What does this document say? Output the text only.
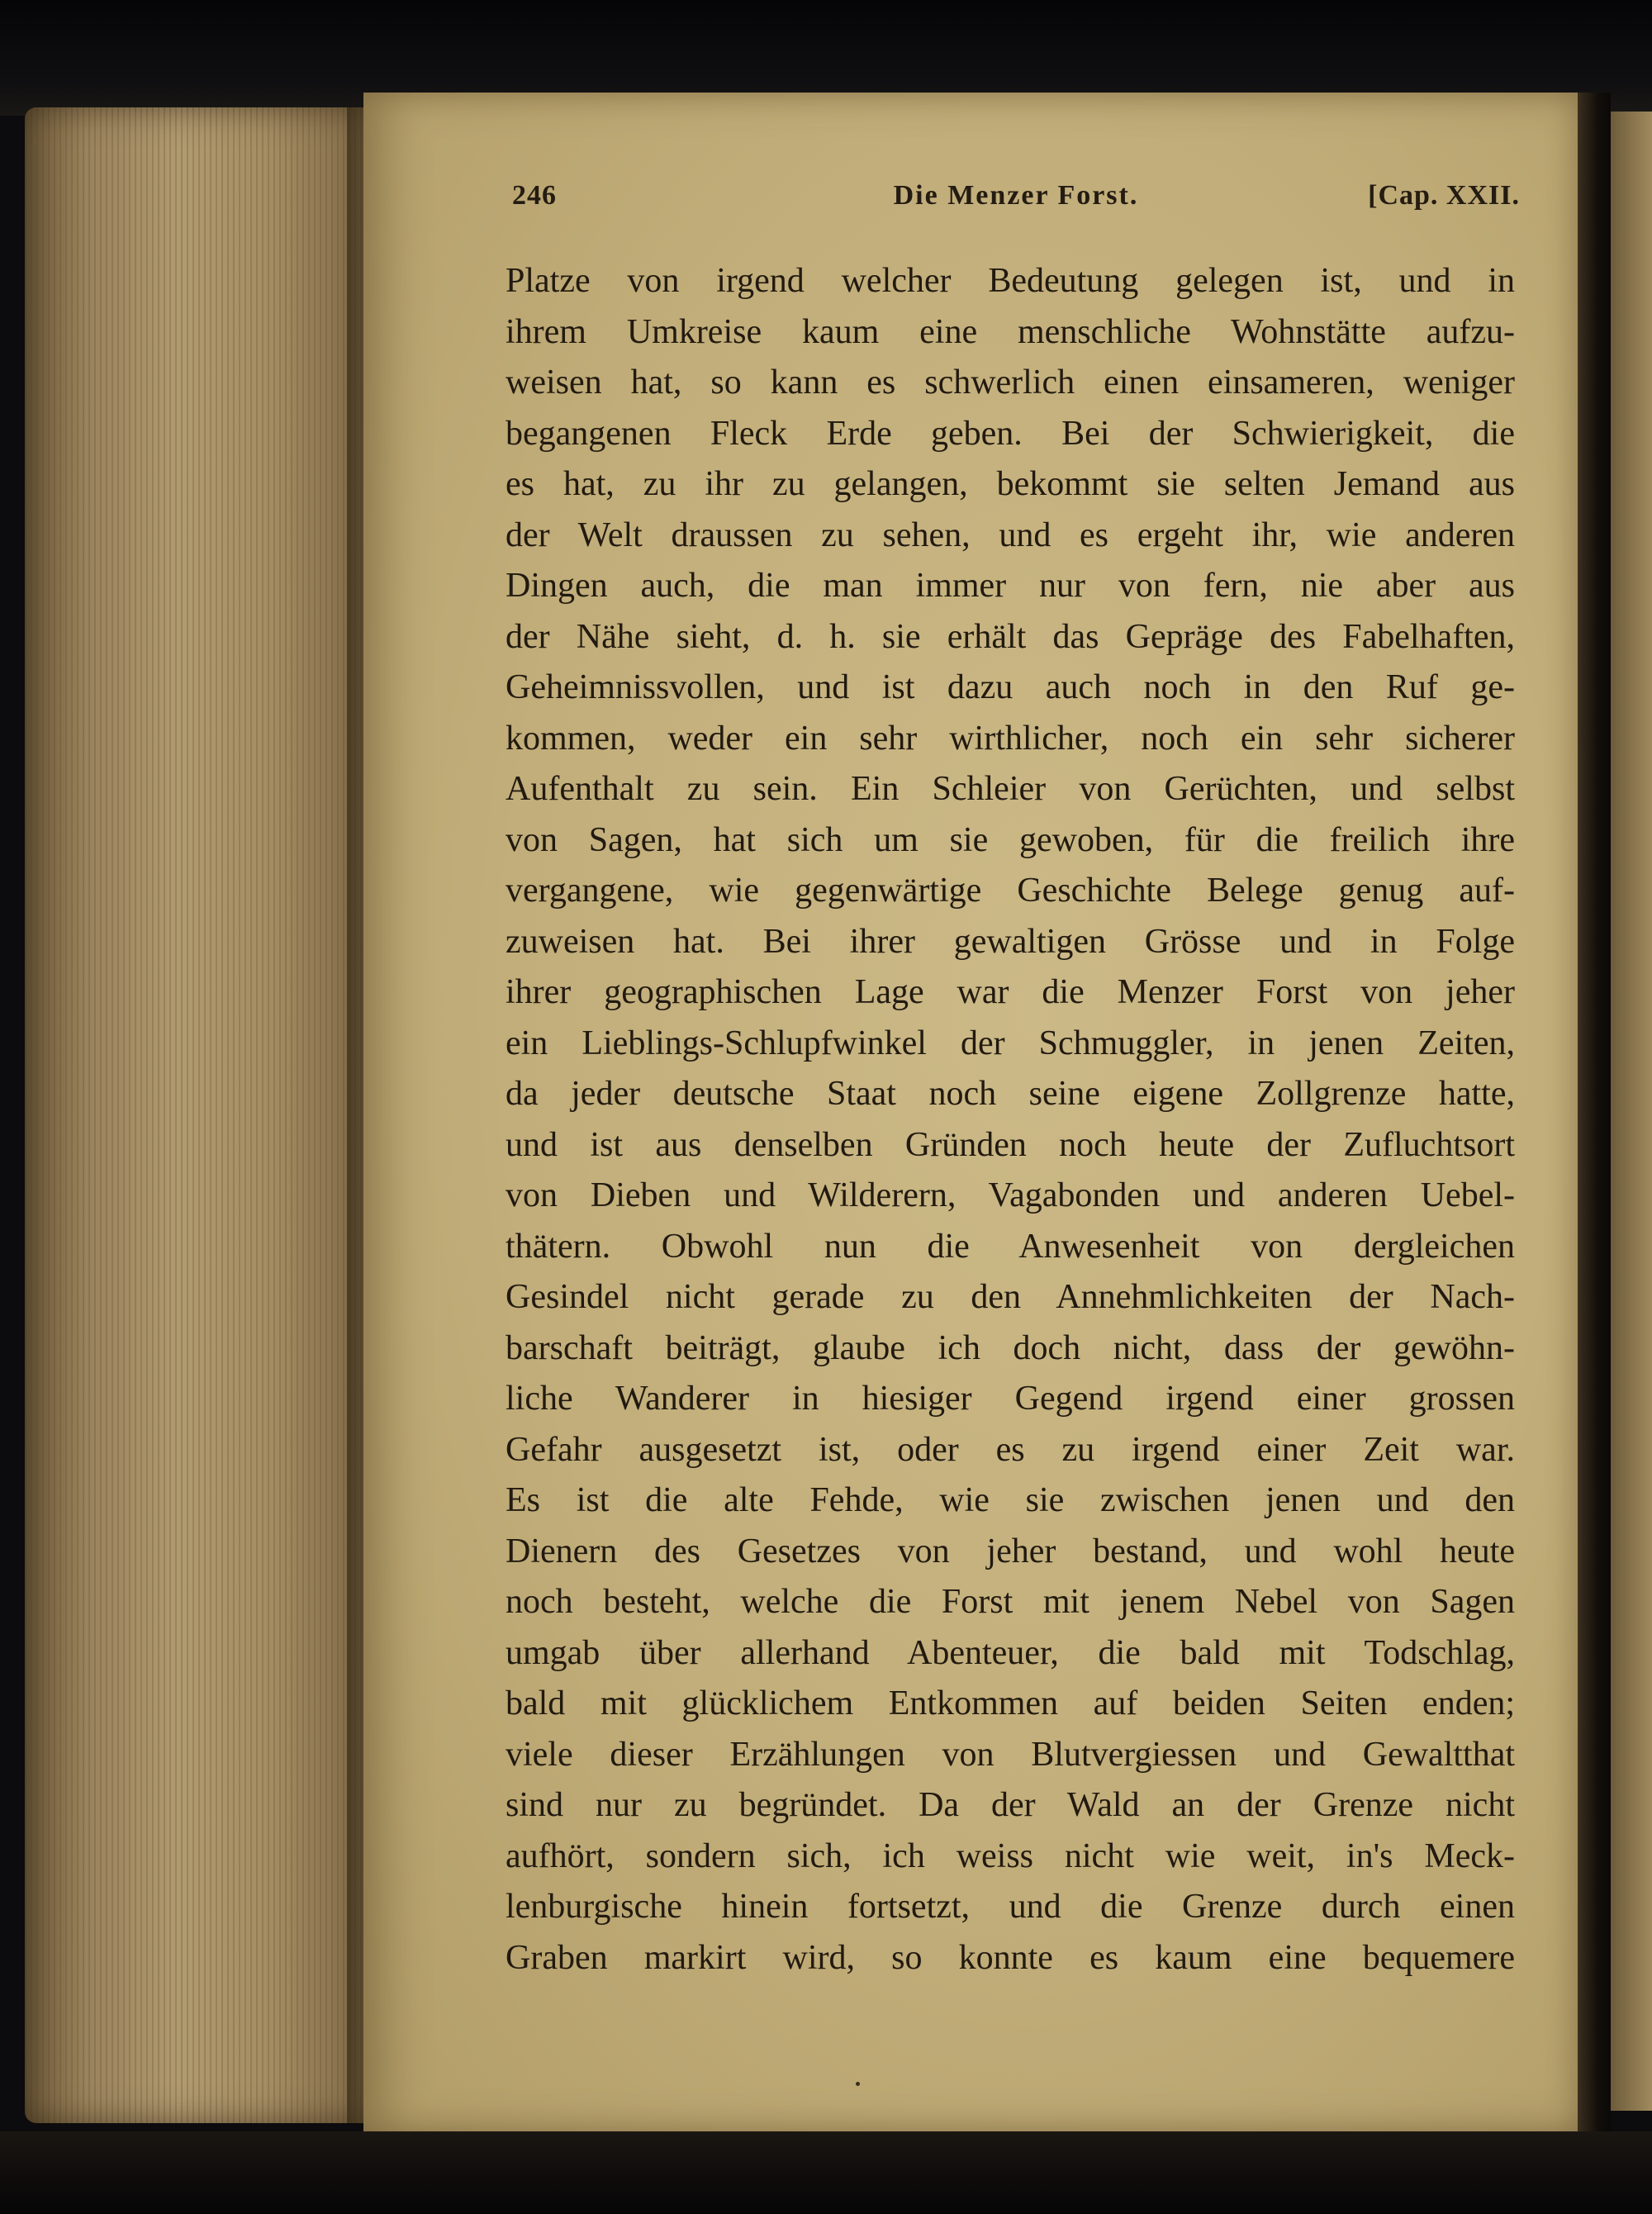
246	Die Menzer Forst.	[Cap. XXII.
Platze von irgend welcher Bedeutung gelegen ist, und in
ihrem Umkreise kaum eine menschliche Wohnstätte aufzu-
weisen hat, so kann es schwerlich einen einsameren, weniger
begangenen Fleck Erde geben. Bei der Schwierigkeit, die
es hat, zu ihr zu gelangen, bekommt sie selten Jemand aus
der Welt draussen zu sehen, und es ergeht ihr, wie anderen
Dingen auch, die man immer nur von fern, nie aber aus
der Nähe sieht, d. h. sie erhält das Gepräge des Fabelhaften,
Geheimnissvollen, und ist dazu auch noch in den Ruf ge-
kommen, weder ein sehr wirthlicher, noch ein sehr sicherer
Aufenthalt zu sein. Ein Schleier von Gerüchten, und selbst
von Sagen, hat sich um sie gewoben, für die freilich ihre
vergangene, wie gegenwärtige Geschichte Belege genug auf-
zuweisen hat. Bei ihrer gewaltigen Grösse und in Folge
ihrer geographischen Lage war die Menzer Forst von jeher
ein Lieblings-Schlupfwinkel der Schmuggler, in jenen Zeiten,
da jeder deutsche Staat noch seine eigene Zollgrenze hatte,
und ist aus denselben Gründen noch heute der Zufluchtsort
von Dieben und Wilderern, Vagabonden und anderen Uebel-
thätern. Obwohl nun die Anwesenheit von dergleichen
Gesindel nicht gerade zu den Annehmlichkeiten der Nach-
barschaft beiträgt, glaube ich doch nicht, dass der gewöhn-
liche Wanderer in hiesiger Gegend irgend einer grossen
Gefahr ausgesetzt ist, oder es zu irgend einer Zeit war.
Es ist die alte Fehde, wie sie zwischen jenen und den
Dienern des Gesetzes von jeher bestand, und wohl heute
noch besteht, welche die Forst mit jenem Nebel von Sagen
umgab über allerhand Abenteuer, die bald mit Todschlag,
bald mit glücklichem Entkommen auf beiden Seiten enden;
viele dieser Erzählungen von Blutvergiessen und Gewaltthat
sind nur zu begründet. Da der Wald an der Grenze nicht
aufhört, sondern sich, ich weiss nicht wie weit, in's Meck-
lenburgische hinein fortsetzt, und die Grenze durch einen
Graben markirt wird, so konnte es kaum eine bequemere
